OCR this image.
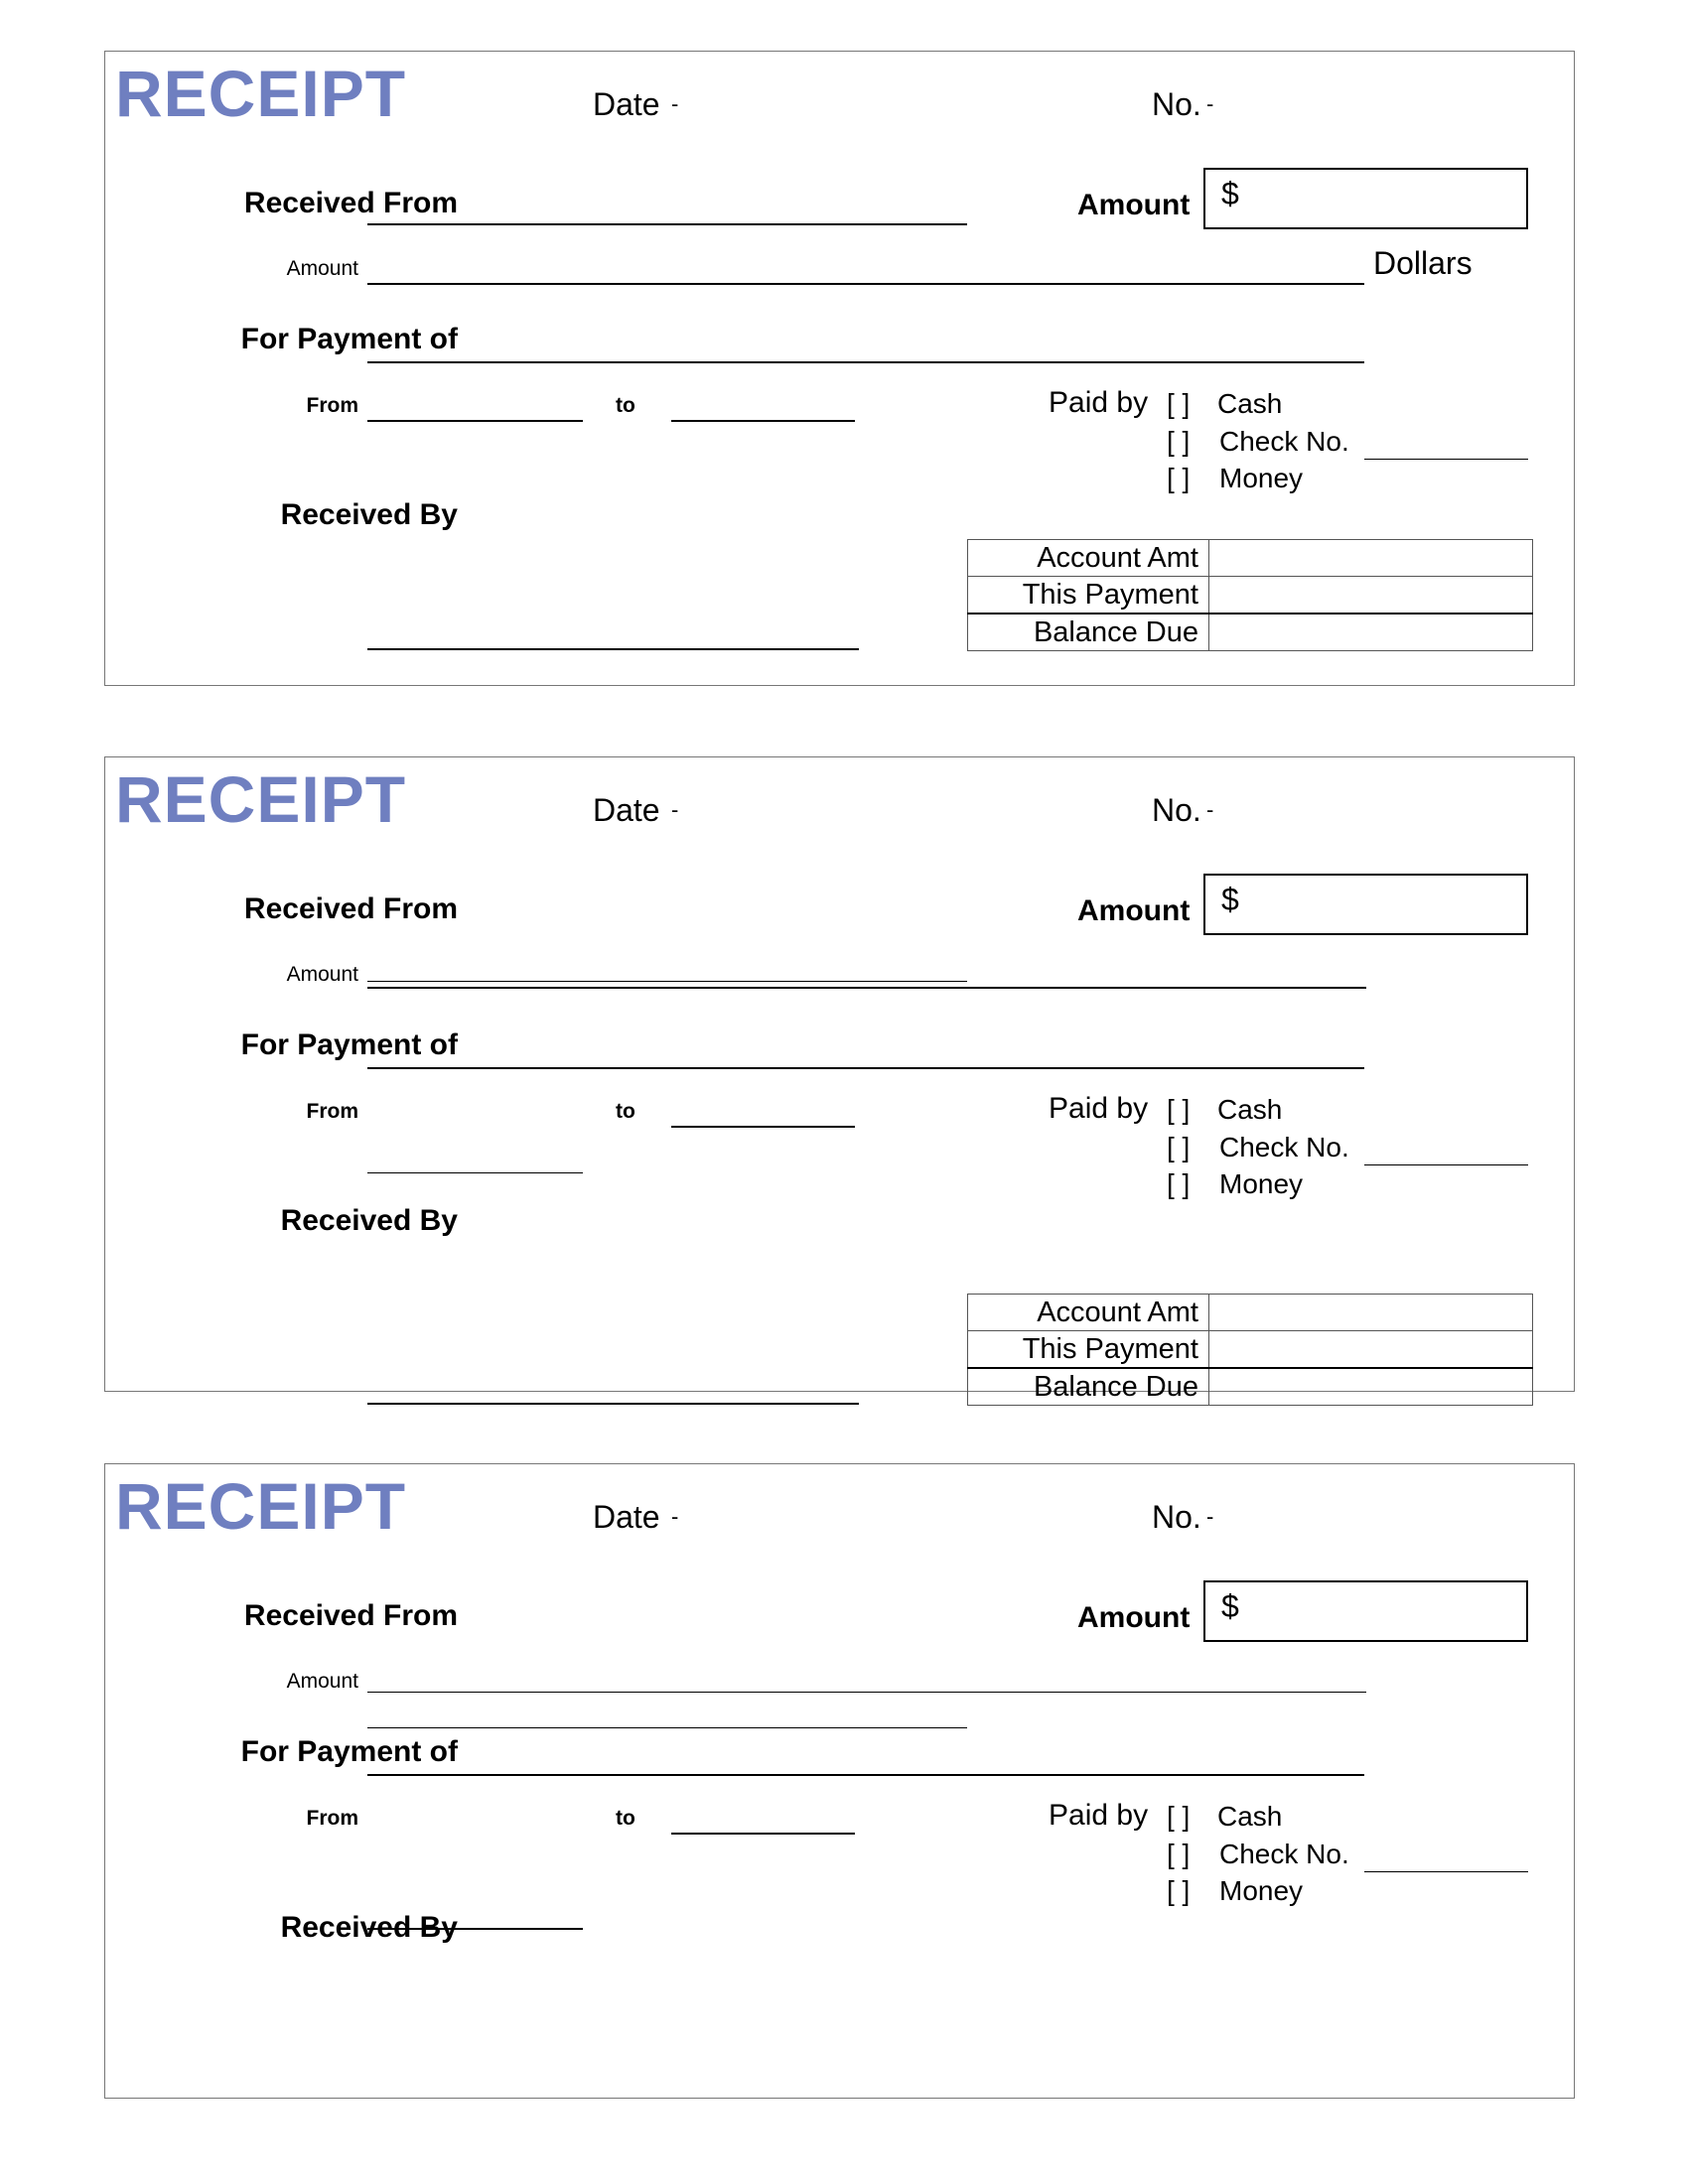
RECEIPT	Date -	No. -
Received From	Amount $
Amount	Dollars
For Payment of
From	to	Paid by [ ] Cash
[ ] Check No.
[ ] Money
Received By
Account Amt	
This Payment	
Balance Due	
RECEIPT	Date -	No. -
Received From	Amount $
Amount
For Payment of
From	to	Paid by [ ] Cash
[ ] Check No.
[ ] Money
Received By
Account Amt	
This Payment	
Balance Due	
RECEIPT	Date -	No. -
Received From	Amount $
Amount
For Payment of
From	to	Paid by [ ] Cash
[ ] Check No.
[ ] Money
Received By
